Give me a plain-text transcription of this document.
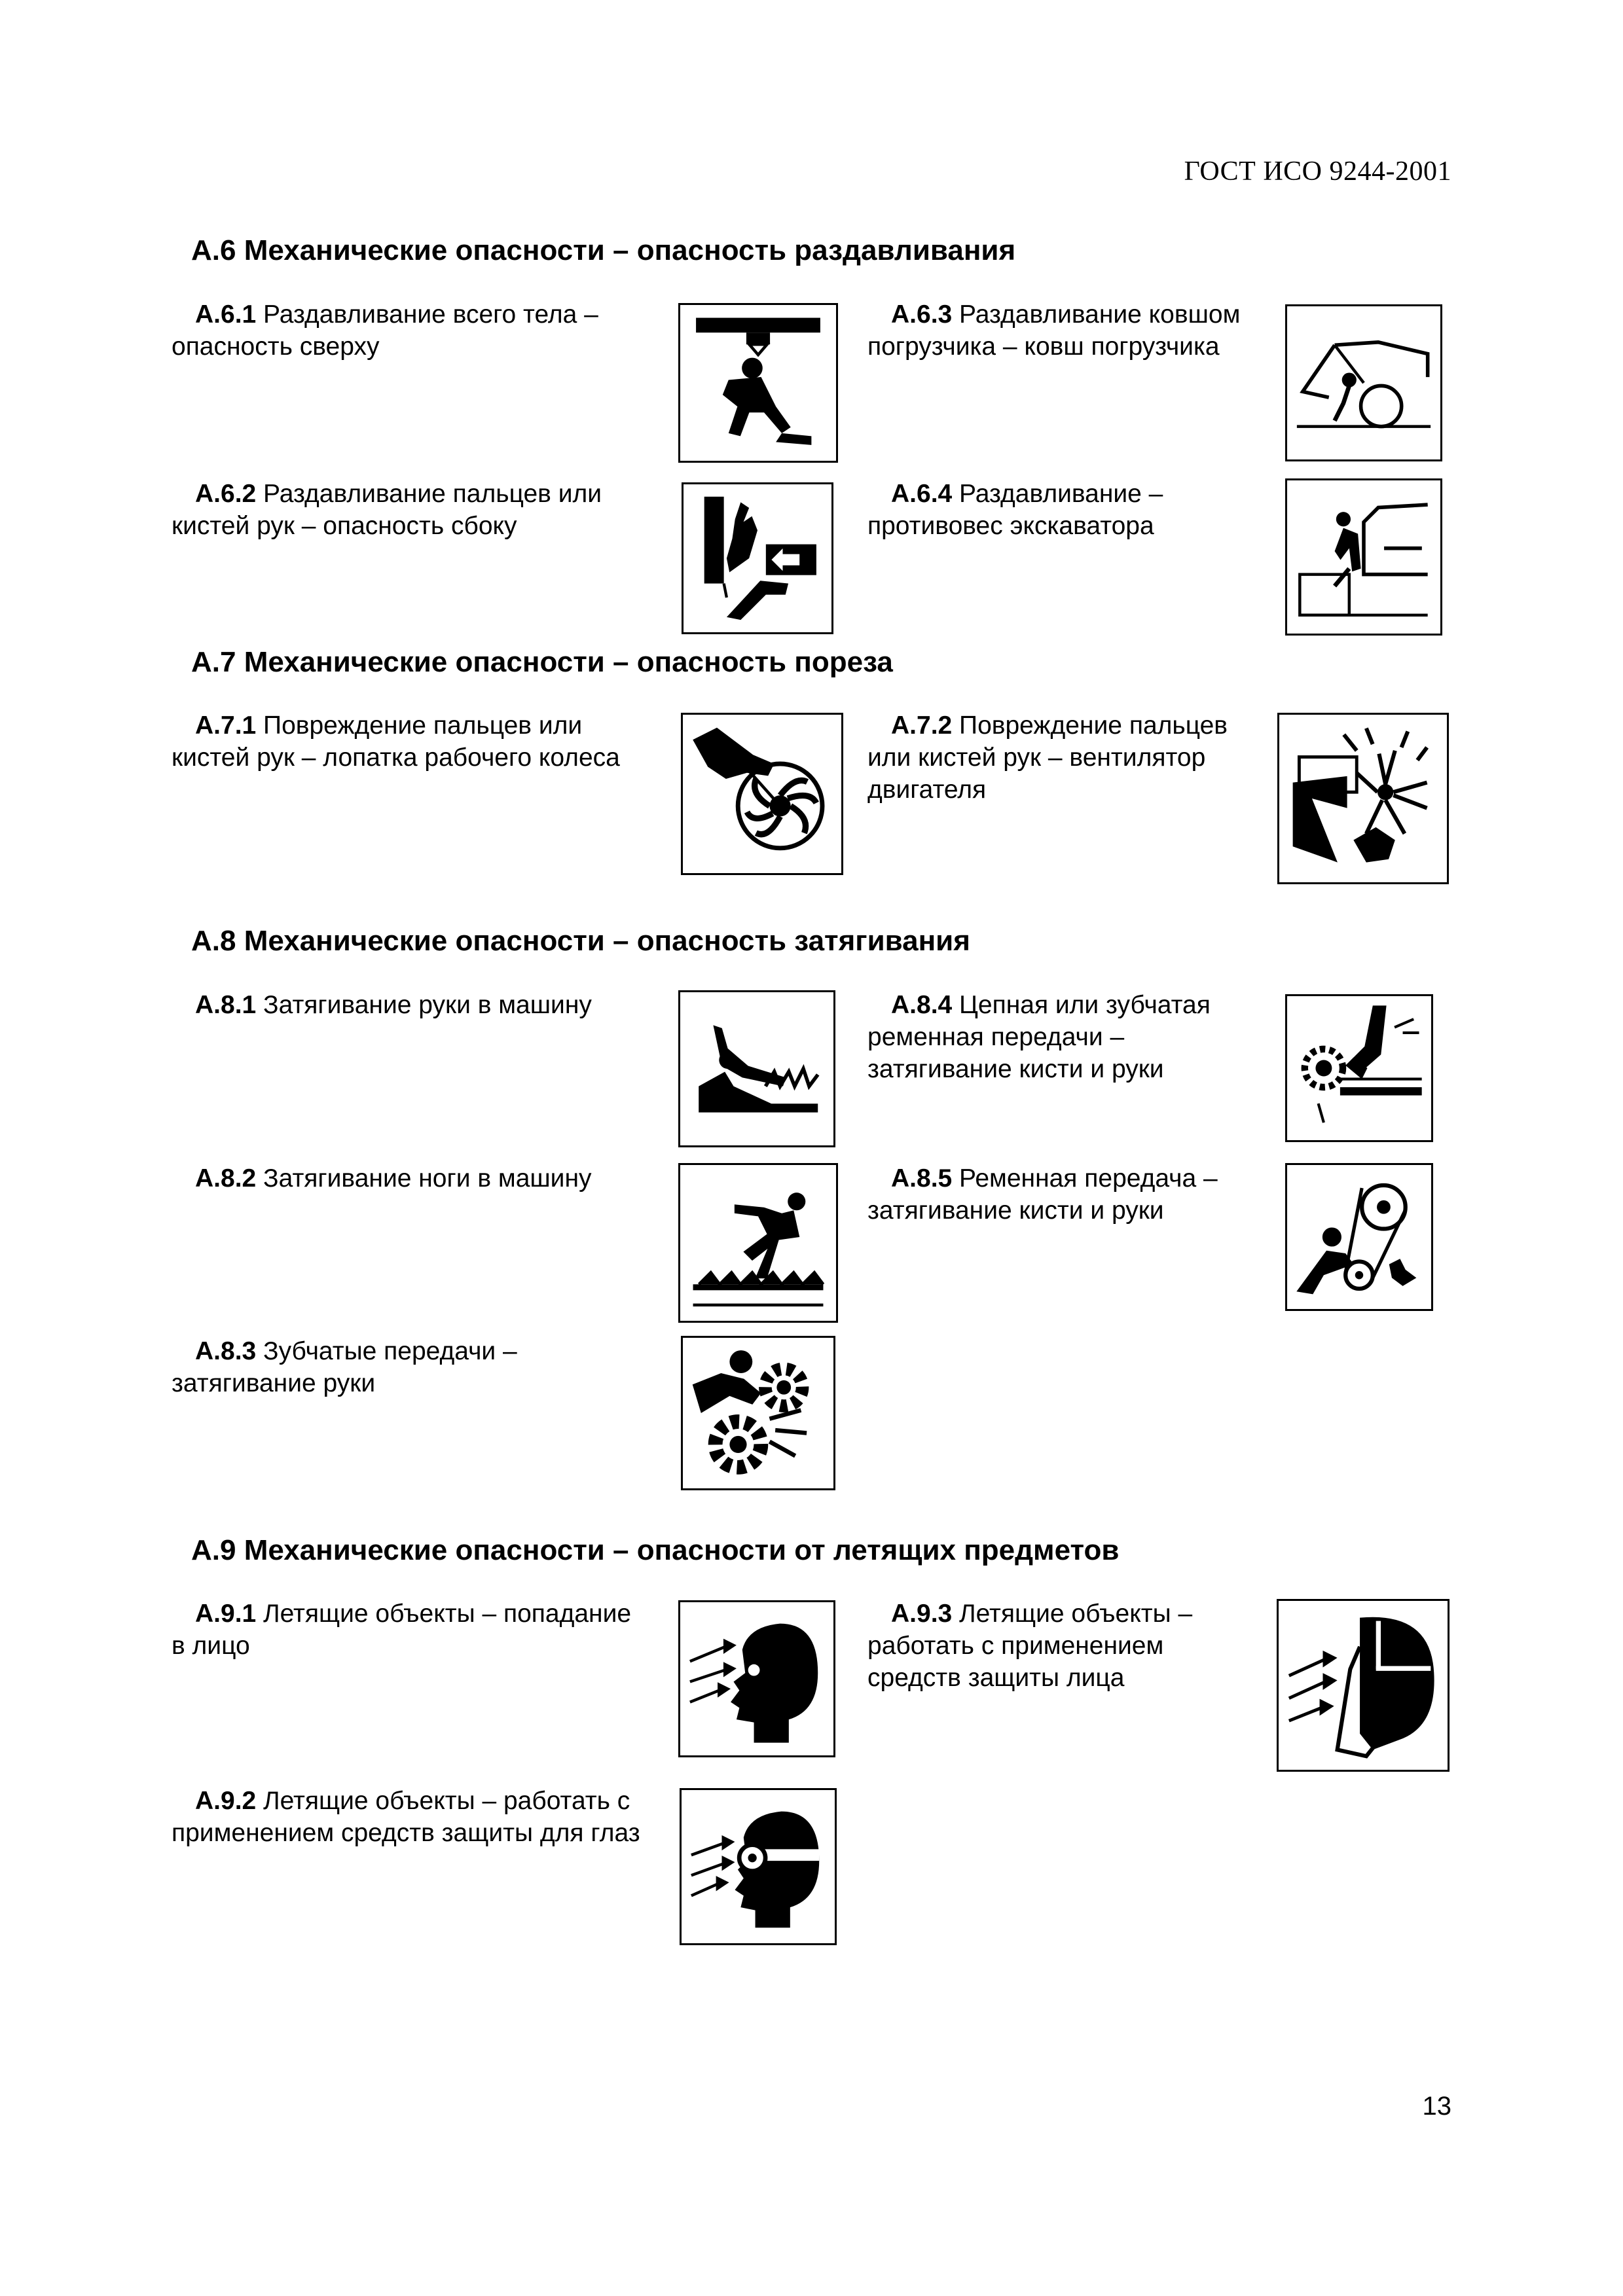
ГОСТ ИСО 9244-2001
А.6 Механические опасности – опасность раздавливания
А.6.1 Раздавливание всего тела – опасность сверху
А.6.3 Раздавливание ковшом погрузчика – ковш погрузчика
А.6.2 Раздавливание пальцев или кистей рук – опасность сбоку
А.6.4 Раздавливание – противовес экскаватора
А.7 Механические опасности – опасность пореза
А.7.1 Повреждение пальцев или кистей рук – лопатка рабочего колеса
А.7.2 Повреждение пальцев или кистей рук – вентилятор двигателя
А.8 Механические опасности – опасность затягивания
А.8.1 Затягивание руки в машину	А.8.4 Цепная или зубчатая ременная передачи – затягивание кисти и руки
А.8.2 Затягивание ноги в машину	А.8.5 Ременная передача – затягивание кисти и руки
А.8.3 Зубчатые передачи – затягивание руки
А.9 Механические опасности – опасности от летящих предметов
А.9.1 Летящие объекты – попадание в лицо
А.9.3 Летящие объекты – работать с применением средств защиты лица
А.9.2 Летящие объекты – работать с применением средств защиты для глаз
13
